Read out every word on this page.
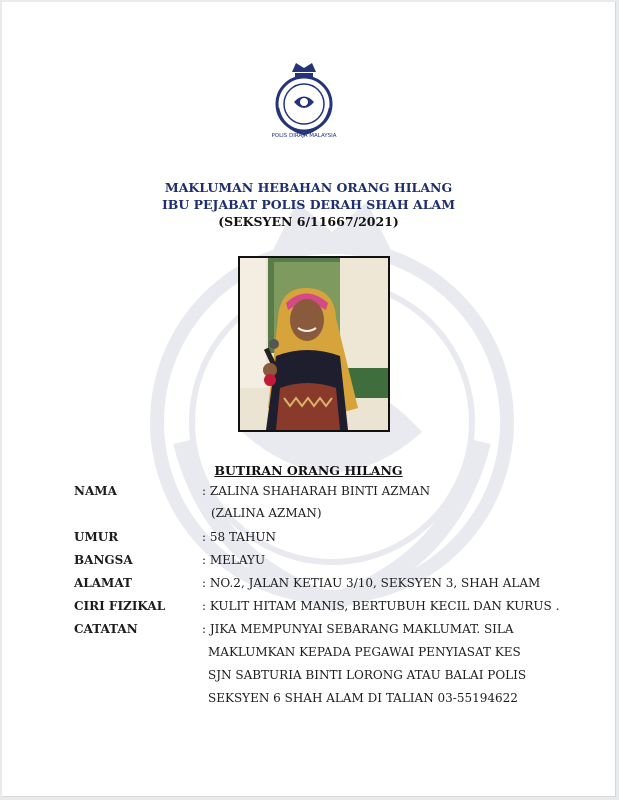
POLIS DIRAJA MALAYSIA
MAKLUMAN HEBAHAN ORANG HILANG
IBU PEJABAT POLIS DERAH SHAH ALAM
(SEKSYEN 6/11667/2021)
BUTIRAN ORANG HILANG
NAMA	: ZALINA SHAHARAH BINTI AZMAN
(ZALINA AZMAN)
UMUR	: 58 TAHUN
BANGSA	: MELAYU
ALAMAT	: NO.2, JALAN KETIAU 3/10, SEKSYEN 3, SHAH ALAM
CIRI FIZIKAL	: KULIT HITAM MANIS, BERTUBUH KECIL DAN KURUS .
CATATAN	: JIKA MEMPUNYAI SEBARANG MAKLUMAT. SILA
MAKLUMKAN KEPADA PEGAWAI PENYIASAT KES
SJN SABTURIA BINTI LORONG ATAU BALAI POLIS
SEKSYEN 6 SHAH ALAM DI TALIAN 03-55194622
